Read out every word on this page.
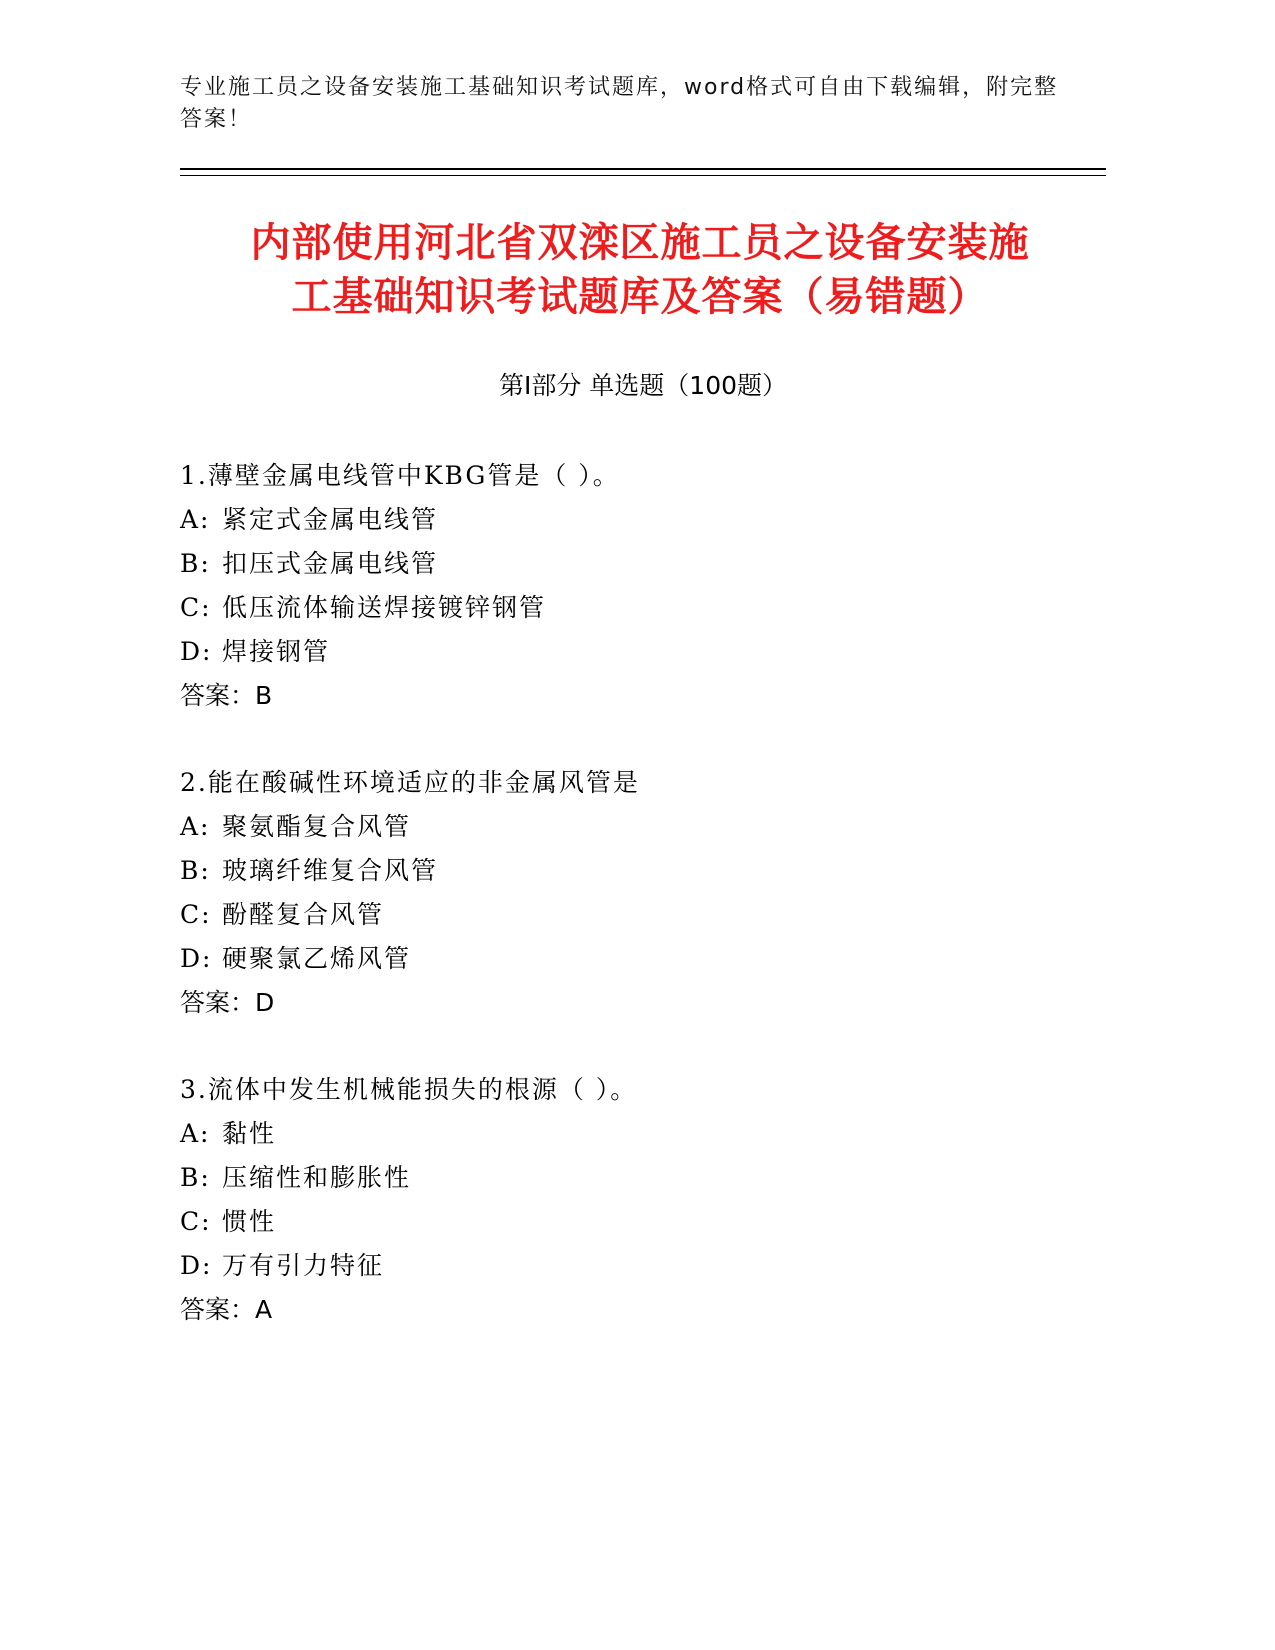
专业施工员之设备安装施工基础知识考试题库，word格式可自由下载编辑，附完整答案！
内部使用河北省双滦区施工员之设备安装施
工基础知识考试题库及答案（易错题）
第Ⅰ部分 单选题（100题）
1.薄壁金属电线管中KBG管是（ ）。
A: 紧定式金属电线管
B: 扣压式金属电线管
C: 低压流体输送焊接镀锌钢管
D: 焊接钢管
答案：B
2.能在酸碱性环境适应的非金属风管是
A: 聚氨酯复合风管
B: 玻璃纤维复合风管
C: 酚醛复合风管
D: 硬聚氯乙烯风管
答案：D
3.流体中发生机械能损失的根源（ ）。
A: 黏性
B: 压缩性和膨胀性
C: 惯性
D: 万有引力特征
答案：A
